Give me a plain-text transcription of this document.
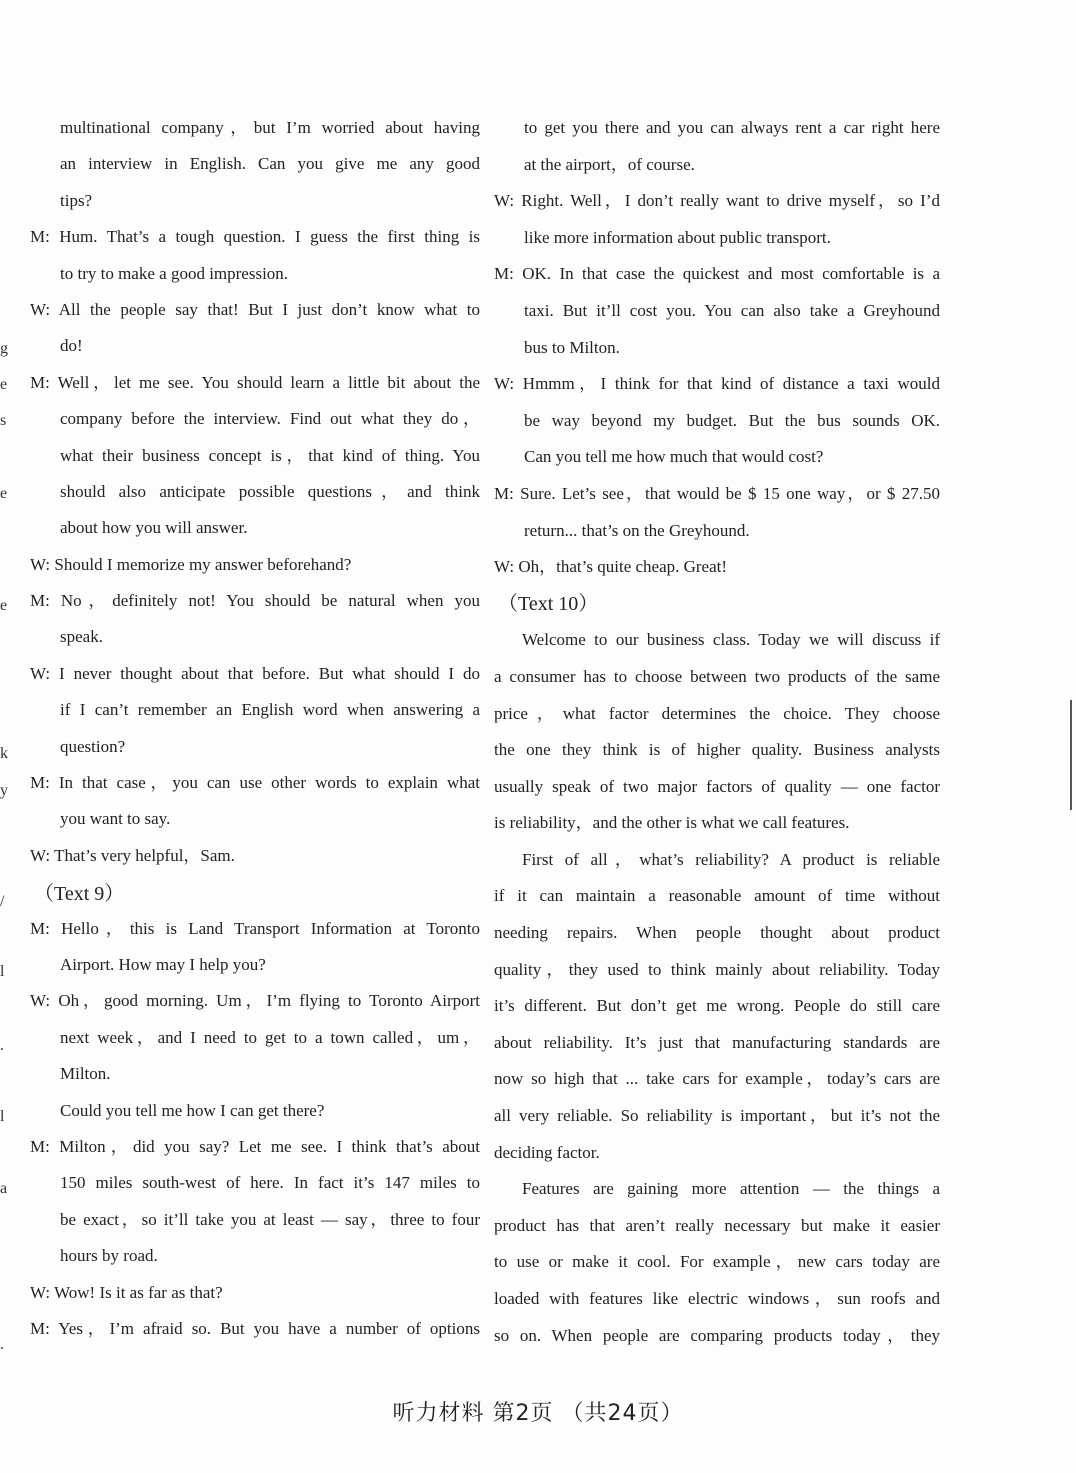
multinational company，but I’m worried about having
an interview in English. Can you give me any good
tips?
M: Hum. That’s a tough question. I guess the first thing is
to try to make a good impression.
W: All the people say that! But I just don’t know what to
do!
M: Well，let me see. You should learn a little bit about the
company before the interview. Find out what they do，
what their business concept is，that kind of thing. You
should also anticipate possible questions，and think
about how you will answer.
W: Should I memorize my answer beforehand?
M: No，definitely not! You should be natural when you
speak.
W: I never thought about that before. But what should I do
if I can’t remember an English word when answering a
question?
M: In that case，you can use other words to explain what
you want to say.
W: That’s very helpful，Sam.
（Text 9）
M: Hello，this is Land Transport Information at Toronto
Airport. How may I help you?
W: Oh，good morning. Um，I’m flying to Toronto Airport
next week，and I need to get to a town called，um，
Milton.
Could you tell me how I can get there?
M: Milton，did you say? Let me see. I think that’s about
150 miles south-west of here. In fact it’s 147 miles to
be exact，so it’ll take you at least — say，three to four
hours by road.
W: Wow! Is it as far as that?
M: Yes，I’m afraid so. But you have a number of options
to get you there and you can always rent a car right here
at the airport，of course.
W: Right. Well，I don’t really want to drive myself，so I’d
like more information about public transport.
M: OK. In that case the quickest and most comfortable is a
taxi. But it’ll cost you. You can also take a Greyhound
bus to Milton.
W: Hmmm，I think for that kind of distance a taxi would
be way beyond my budget. But the bus sounds OK.
Can you tell me how much that would cost?
M: Sure. Let’s see，that would be $ 15 one way，or $ 27.50
return... that’s on the Greyhound.
W: Oh，that’s quite cheap. Great!
（Text 10）
Welcome to our business class. Today we will discuss if
a consumer has to choose between two products of the same
price，what factor determines the choice. They choose
the one they think is of higher quality. Business analysts
usually speak of two major factors of quality — one factor
is reliability，and the other is what we call features.
First of all，what’s reliability? A product is reliable
if it can maintain a reasonable amount of time without
needing repairs. When people thought about product
quality，they used to think mainly about reliability. Today
it’s different. But don’t get me wrong. People do still care
about reliability. It’s just that manufacturing standards are
now so high that ... take cars for example，today’s cars are
all very reliable. So reliability is important，but it’s not the
deciding factor.
Features are gaining more attention — the things a
product has that aren’t really necessary but make it easier
to use or make it cool. For example，new cars today are
loaded with features like electric windows，sun roofs and
so on. When people are comparing products today，they
g
e
s
e
e
k
y
/
l
.
l
a
.
听力材料 第2页 （共24页）
